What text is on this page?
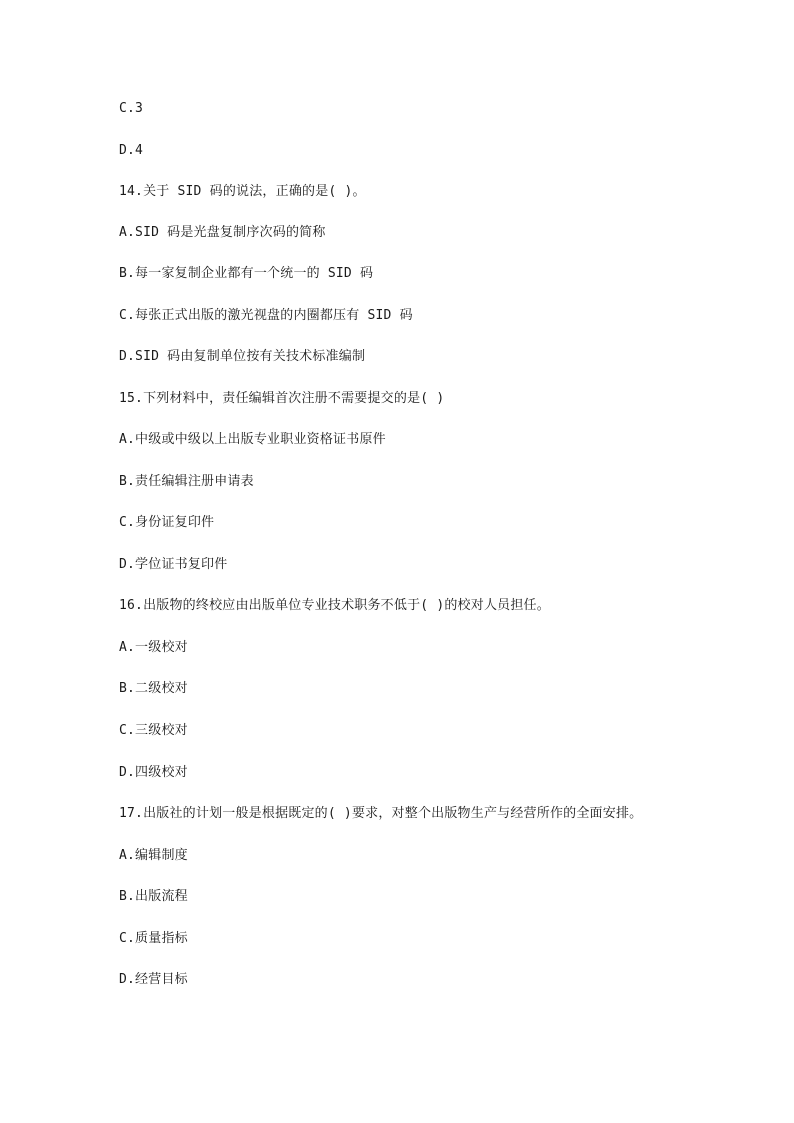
C.3
D.4
14.关于 SID 码的说法，正确的是( )。
A.SID 码是光盘复制序次码的简称
B.每一家复制企业都有一个统一的 SID 码
C.每张正式出版的激光视盘的内圈都压有 SID 码
D.SID 码由复制单位按有关技术标准编制
15.下列材料中，责任编辑首次注册不需要提交的是( )
A.中级或中级以上出版专业职业资格证书原件
B.责任编辑注册申请表
C.身份证复印件
D.学位证书复印件
16.出版物的终校应由出版单位专业技术职务不低于( )的校对人员担任。
A.一级校对
B.二级校对
C.三级校对
D.四级校对
17.出版社的计划一般是根据既定的( )要求，对整个出版物生产与经营所作的全面安排。
A.编辑制度
B.出版流程
C.质量指标
D.经营目标
